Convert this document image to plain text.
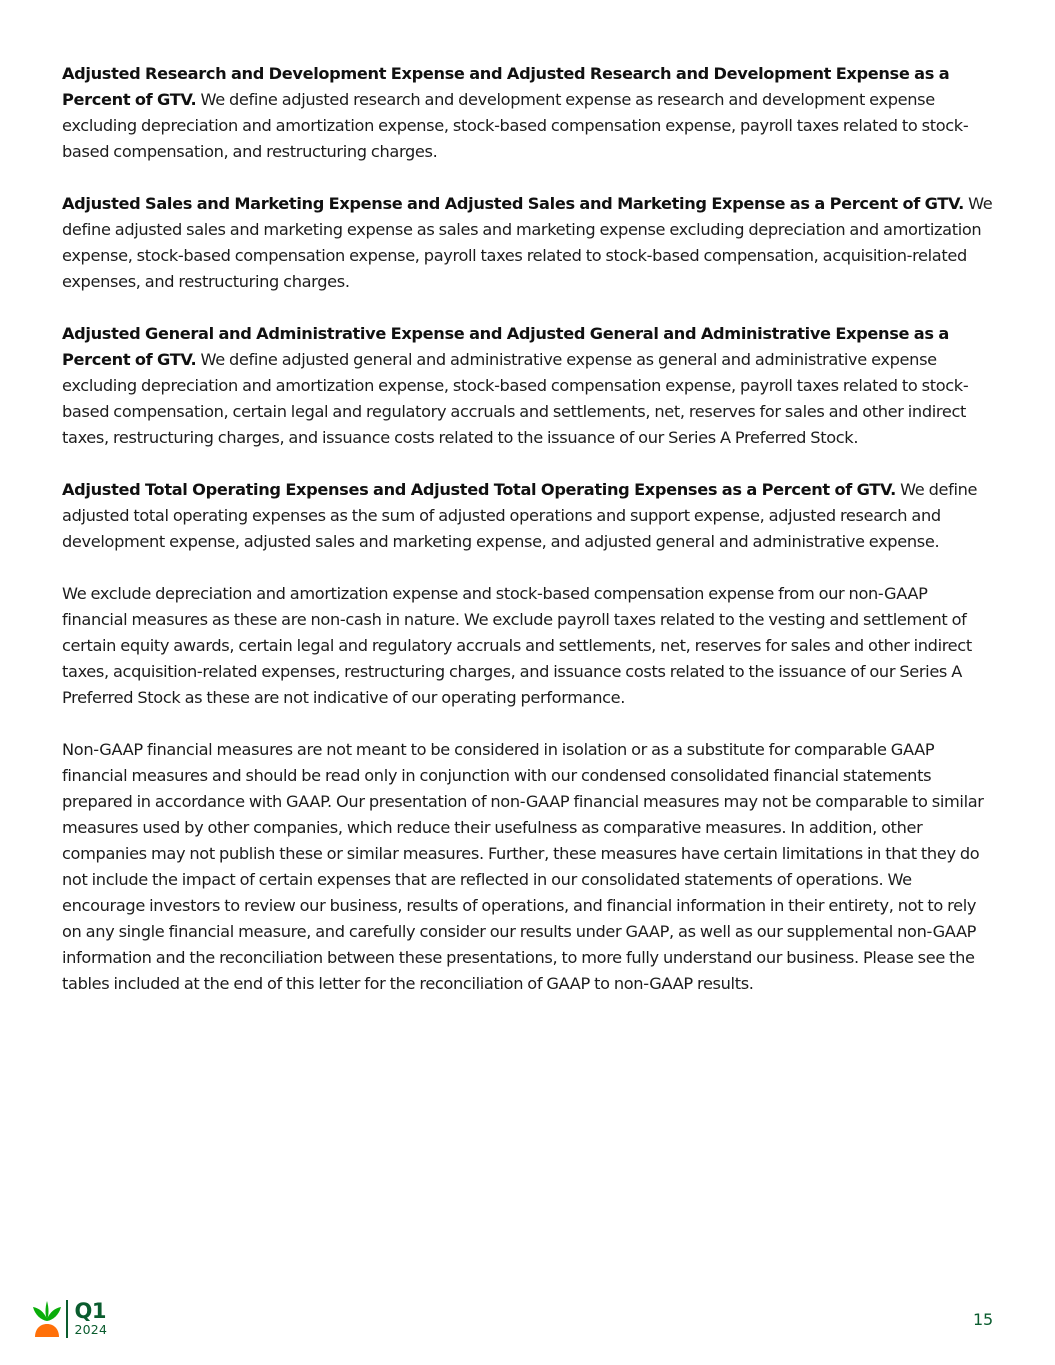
Adjusted Research and Development Expense and Adjusted Research and Development Expense as a Percent of GTV. We define adjusted research and development expense as research and development expense excluding depreciation and amortization expense, stock-based compensation expense, payroll taxes related to stock-based compensation, and restructuring charges.

Adjusted Sales and Marketing Expense and Adjusted Sales and Marketing Expense as a Percent of GTV. We define adjusted sales and marketing expense as sales and marketing expense excluding depreciation and amortization expense, stock-based compensation expense, payroll taxes related to stock-based compensation, acquisition-related expenses, and restructuring charges.

Adjusted General and Administrative Expense and Adjusted General and Administrative Expense as a Percent of GTV. We define adjusted general and administrative expense as general and administrative expense excluding depreciation and amortization expense, stock-based compensation expense, payroll taxes related to stock-based compensation, certain legal and regulatory accruals and settlements, net, reserves for sales and other indirect taxes, restructuring charges, and issuance costs related to the issuance of our Series A Preferred Stock.

Adjusted Total Operating Expenses and Adjusted Total Operating Expenses as a Percent of GTV. We define adjusted total operating expenses as the sum of adjusted operations and support expense, adjusted research and development expense, adjusted sales and marketing expense, and adjusted general and administrative expense.

We exclude depreciation and amortization expense and stock-based compensation expense from our non-GAAP financial measures as these are non-cash in nature. We exclude payroll taxes related to the vesting and settlement of certain equity awards, certain legal and regulatory accruals and settlements, net, reserves for sales and other indirect taxes, acquisition-related expenses, restructuring charges, and issuance costs related to the issuance of our Series A Preferred Stock as these are not indicative of our operating performance.

Non-GAAP financial measures are not meant to be considered in isolation or as a substitute for comparable GAAP financial measures and should be read only in conjunction with our condensed consolidated financial statements prepared in accordance with GAAP. Our presentation of non-GAAP financial measures may not be comparable to similar measures used by other companies, which reduce their usefulness as comparative measures. In addition, other companies may not publish these or similar measures. Further, these measures have certain limitations in that they do not include the impact of certain expenses that are reflected in our consolidated statements of operations. We encourage investors to review our business, results of operations, and financial information in their entirety, not to rely on any single financial measure, and carefully consider our results under GAAP, as well as our supplemental non-GAAP information and the reconciliation between these presentations, to more fully understand our business. Please see the tables included at the end of this letter for the reconciliation of GAAP to non-GAAP results.

Q1
2024
15
